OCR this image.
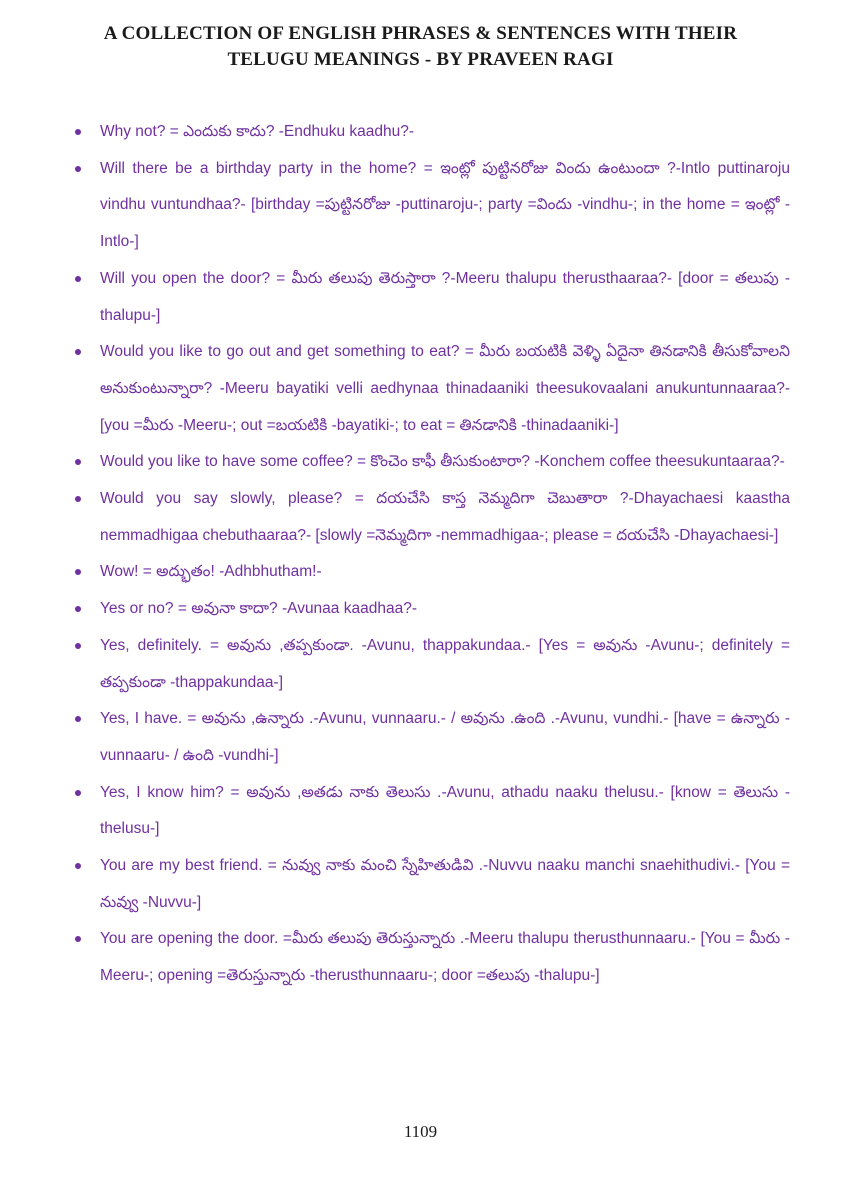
A COLLECTION OF ENGLISH PHRASES & SENTENCES WITH THEIR TELUGU MEANINGS - BY PRAVEEN RAGI
Why not? = ఎందుకు కాదు? -Endhuku kaadhu?-
Will there be a birthday party in the home? = ఇంట్లో పుట్టినరోజు విందు ఉంటుందా ?-Intlo puttinaroju vindhu vuntundhaa?- [birthday =పుట్టినరోజు -puttinaroju-; party =విందు -vindhu-; in the home = ఇంట్లో -Intlo-]
Will you open the door? = మీరు తలుపు తెరుస్తారా ?-Meeru thalupu therusthaaraa?- [door = తలుపు -thalupu-]
Would you like to go out and get something to eat? = మీరు బయటికి వెళ్ళి ఏదైనా తినడానికి తీసుకోవాలని అనుకుంటున్నారా? -Meeru bayatiki velli aedhynaa thinadaaniki theesukovaalani anukuntunnaaraa?- [you =మీరు -Meeru-; out =బయటికి -bayatiki-; to eat = తినడానికి -thinadaaniki-]
Would you like to have some coffee? = కొంచెం కాఫీ తీసుకుంటారా? -Konchem coffee theesukuntaaraa?-
Would you say slowly, please? = దయచేసి కాస్త నెమ్మదిగా చెబుతారా ?-Dhayachaesi kaastha nemmadhigaa chebuthaaraa?- [slowly =నెమ్మదిగా -nemmadhigaa-; please = దయచేసి -Dhayachaesi-]
Wow! = అద్భుతం! -Adhbhutham!-
Yes or no? = అవునా కాదా? -Avunaa kaadhaa?-
Yes, definitely. = అవును ,తప్పకుండా. -Avunu, thappakundaa.- [Yes = అవును -Avunu-; definitely = తప్పకుండా -thappakundaa-]
Yes, I have. = అవును ,ఉన్నారు .-Avunu, vunnaaru.- / అవును .ఉంది .-Avunu, vundhi.- [have = ఉన్నారు -vunnaaru- / ఉంది -vundhi-]
Yes, I know him? = అవును ,అతడు నాకు తెలుసు .-Avunu, athadu naaku thelusu.- [know = తెలుసు -thelusu-]
You are my best friend. = నువ్వు నాకు మంచి స్నేహితుడివి .-Nuvvu naaku manchi snaehithudivi.- [You = నువ్వు -Nuvvu-]
You are opening the door. =మీరు తలుపు తెరుస్తున్నారు .-Meeru thalupu therusthunnaaru.- [You = మీరు -Meeru-; opening =తెరుస్తున్నారు -therusthunnaaru-; door =తలుపు -thalupu-]
1109
